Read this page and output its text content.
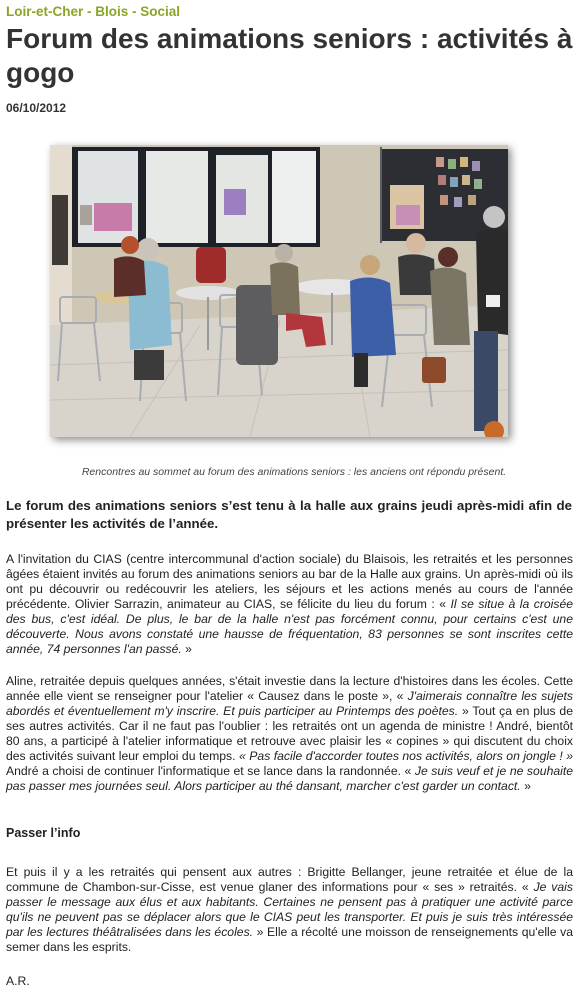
Loir-et-Cher - Blois - Social
Forum des animations seniors : activités à gogo
06/10/2012
Rencontres au sommet au forum des animations seniors : les anciens ont répondu présent.

Le forum des animations seniors s’est tenu à la halle aux grains jeudi après-midi afin de présenter les activités de l’année.

A l'invitation du CIAS (centre intercommunal d'action sociale) du Blaisois, les retraités et les personnes âgées étaient invités au forum des animations seniors au bar de la Halle aux grains. Un après-midi où ils ont pu découvrir ou redécouvrir les ateliers, les séjours et les actions menés au cours de l'année précédente. Olivier Sarrazin, animateur au CIAS, se félicite du lieu du forum : « Il se situe à la croisée des bus, c'est idéal. De plus, le bar de la halle n'est pas forcément connu, pour certains c'est une découverte. Nous avons constaté une hausse de fréquentation, 83 personnes se sont inscrites cette année, 74 personnes l'an passé. »

Aline, retraitée depuis quelques années, s'était investie dans la lecture d'histoires dans les écoles. Cette année elle vient se renseigner pour l'atelier « Causez dans le poste », « J'aimerais connaître les sujets abordés et éventuellement m'y inscrire. Et puis participer au Printemps des poètes. » Tout ça en plus de ses autres activités. Car il ne faut pas l'oublier : les retraités ont un agenda de ministre ! André, bientôt 80 ans, a participé à l'atelier informatique et retrouve avec plaisir les « copines » qui discutent du choix des activités suivant leur emploi du temps. « Pas facile d'accorder toutes nos activités, alors on jongle ! » André a choisi de continuer l'informatique et se lance dans la randonnée. « Je suis veuf et je ne souhaite pas passer mes journées seul. Alors participer au thé dansant, marcher c'est garder un contact. »

Passer l’info

Et puis il y a les retraités qui pensent aux autres : Brigitte Bellanger, jeune retraitée et élue de la commune de Chambon-sur-Cisse, est venue glaner des informations pour « ses » retraités. « Je vais passer le message aux élus et aux habitants. Certaines ne pensent pas à pratiquer une activité parce qu'ils ne peuvent pas se déplacer alors que le CIAS peut les transporter. Et puis je suis très intéressée par les lectures théâtralisées dans les écoles. » Elle a récolté une moisson de renseignements qu'elle va semer dans les esprits.

A.R.
